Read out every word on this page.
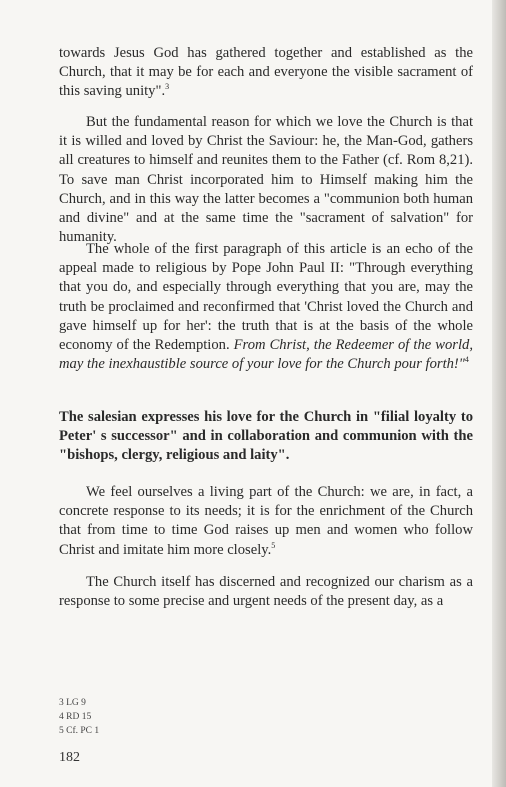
towards Jesus God has gathered together and established as the Church, that it may be for each and everyone the visible sacrament of this saving unity".$^3$

But the fundamental reason for which we love the Church is that it is willed and loved by Christ the Saviour: he, the Man-God, gathers all creatures to himself and reunites them to the Father (cf. Rom 8,21). To save man Christ incorporated him to Himself making him the Church, and in this way the latter becomes a "communion both human and divine" and at the same time the "sacrament of salvation" for humanity.

The whole of the first paragraph of this article is an echo of the appeal made to religious by Pope John Paul II: "Through everything that you do, and especially through everything that you are, may the truth be proclaimed and reconfirmed that 'Christ loved the Church and gave himself up for her': the truth that is at the basis of the whole economy of the Redemption. From Christ, the Redeemer of the world, may the inexhaustible source of your love for the Church pour forth!"$^4$

The salesian expresses his love for the Church in "filial loyalty to Peter' s successor" and in collaboration and communion with the "bishops, clergy, religious and laity".

We feel ourselves a living part of the Church: we are, in fact, a concrete response to its needs; it is for the enrichment of the Church that from time to time God raises up men and women who follow Christ and imitate him more closely.$^5$

The Church itself has discerned and recognized our charism as a response to some precise and urgent needs of the present day, as a

3 LG 9
4 RD 15
5 Cf. PC 1
182
